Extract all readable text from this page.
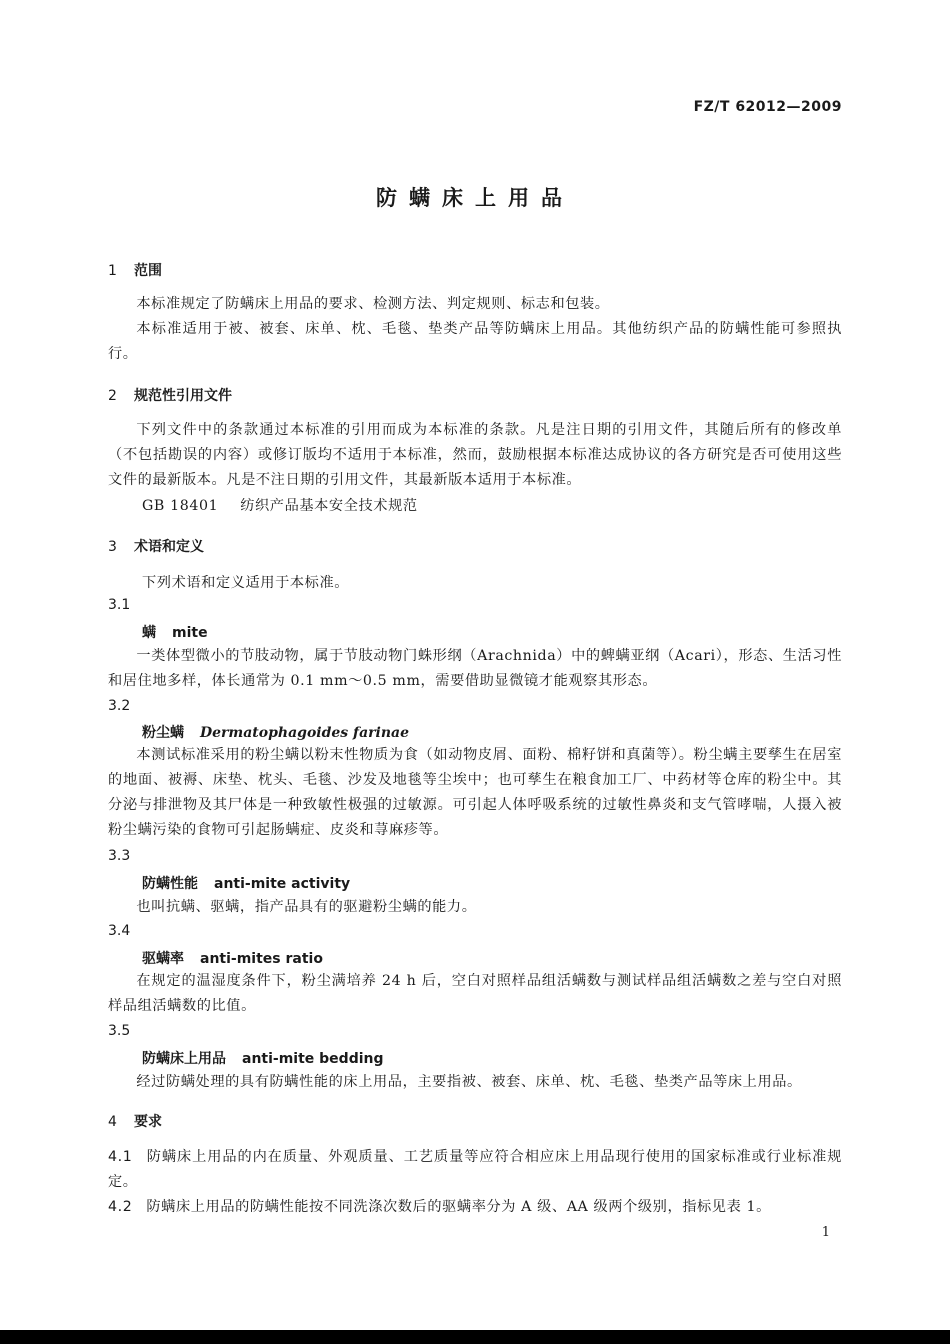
FZ/T 62012—2009
防螨床上用品
1 范围
本标准规定了防螨床上用品的要求、检测方法、判定规则、标志和包装。
本标准适用于被、被套、床单、枕、毛毯、垫类产品等防螨床上用品。其他纺织产品的防螨性能可参照执行。
2 规范性引用文件
下列文件中的条款通过本标准的引用而成为本标准的条款。凡是注日期的引用文件，其随后所有的修改单（不包括勘误的内容）或修订版均不适用于本标准，然而，鼓励根据本标准达成协议的各方研究是否可使用这些文件的最新版本。凡是不注日期的引用文件，其最新版本适用于本标准。
GB 18401 纺织产品基本安全技术规范
3 术语和定义
下列术语和定义适用于本标准。
3.1
螨 mite
一类体型微小的节肢动物，属于节肢动物门蛛形纲（Arachnida）中的蜱螨亚纲（Acari），形态、生活习性和居住地多样，体长通常为 0.1 mm～0.5 mm，需要借助显微镜才能观察其形态。
3.2
粉尘螨 Dermatophagoides farinae
本测试标准采用的粉尘螨以粉末性物质为食（如动物皮屑、面粉、棉籽饼和真菌等）。粉尘螨主要孳生在居室的地面、被褥、床垫、枕头、毛毯、沙发及地毯等尘埃中；也可孳生在粮食加工厂、中药材等仓库的粉尘中。其分泌与排泄物及其尸体是一种致敏性极强的过敏源。可引起人体呼吸系统的过敏性鼻炎和支气管哮喘，人摄入被粉尘螨污染的食物可引起肠螨症、皮炎和荨麻疹等。
3.3
防螨性能 anti-mite activity
也叫抗螨、驱螨，指产品具有的驱避粉尘螨的能力。
3.4
驱螨率 anti-mites ratio
在规定的温湿度条件下，粉尘满培养 24 h 后，空白对照样品组活螨数与测试样品组活螨数之差与空白对照样品组活螨数的比值。
3.5
防螨床上用品 anti-mite bedding
经过防螨处理的具有防螨性能的床上用品，主要指被、被套、床单、枕、毛毯、垫类产品等床上用品。
4 要求
4.1 防螨床上用品的内在质量、外观质量、工艺质量等应符合相应床上用品现行使用的国家标准或行业标准规定。
4.2 防螨床上用品的防螨性能按不同洗涤次数后的驱螨率分为 A 级、AA 级两个级别，指标见表 1。
1
